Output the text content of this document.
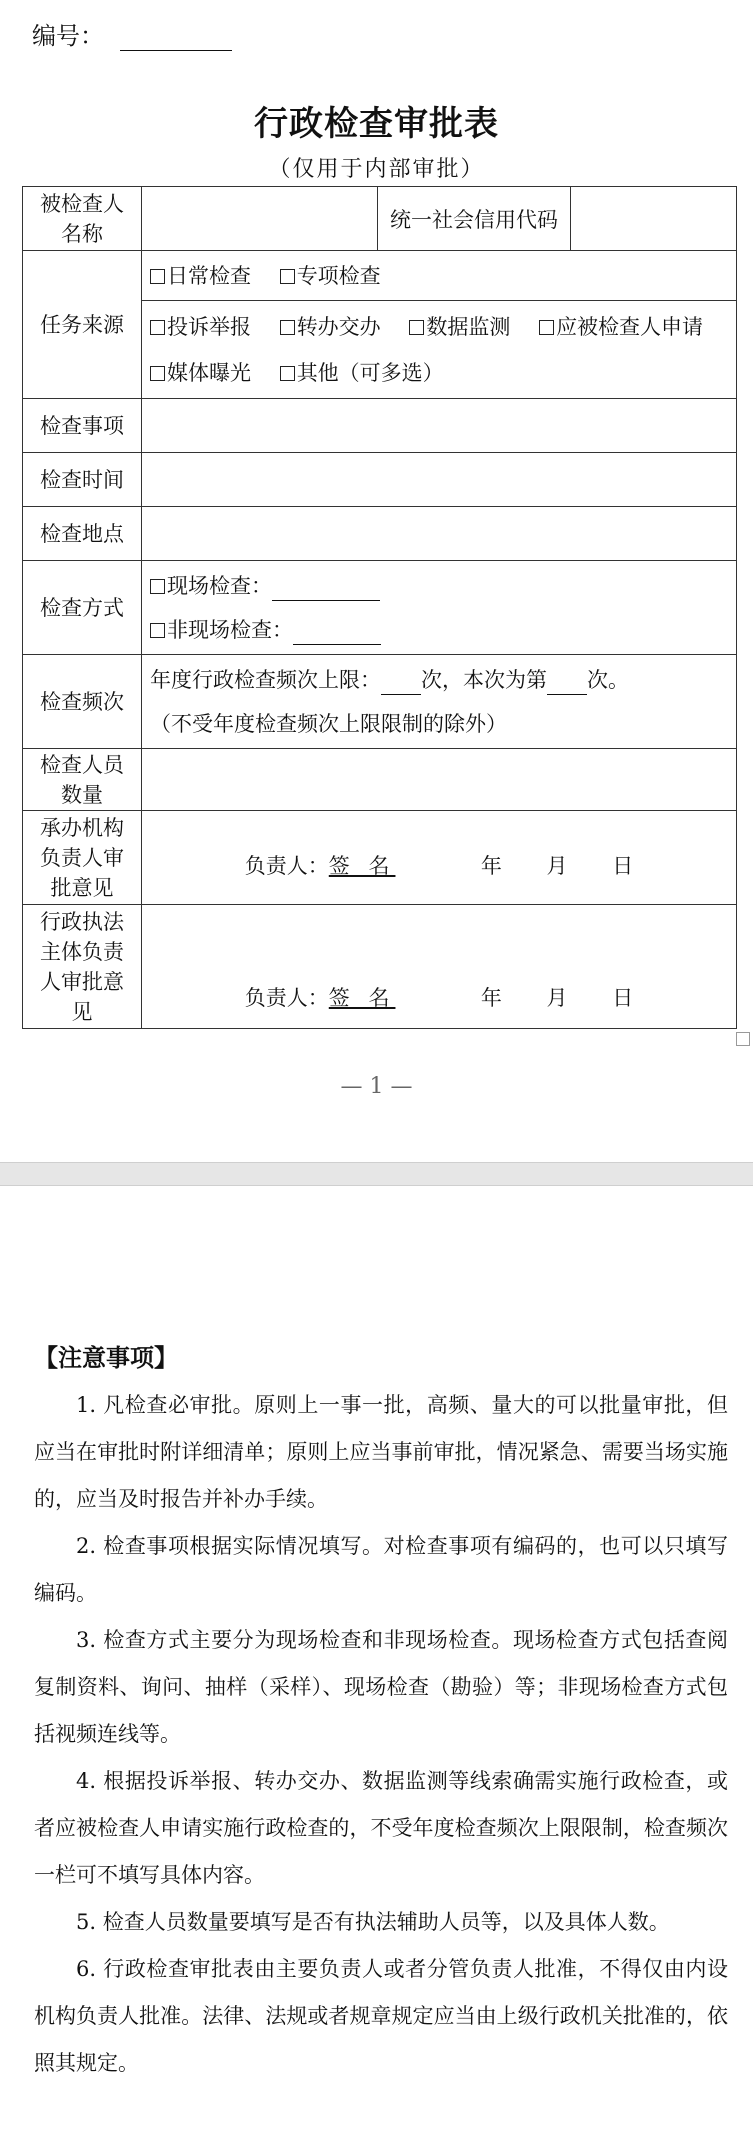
编号：
行政检查审批表
（仅用于内部审批）
被检查人名称		统一社会信用代码	
任务来源	日常检查 专项检查		

	投诉举报 转办交办 数据监测 应被检查人申请
媒体曝光 其他（可多选）		

检查事项			
检查时间			
检查地点			
检查方式	现场检查：
非现场检查：		

检查频次	年度行政检查频次上限： 次，本次为第 次。
（不受年度检查频次上限限制的除外）		

检查人员数量			
承办机构负责人审批意见	负责人：签 名 年 月 日		

行政执法主体负责人审批意见	负责人：签 名 年 月 日		
— 1 —
【注意事项】

1. 凡检查必审批。原则上一事一批，高频、量大的可以批量审批，但应当在审批时附详细清单；原则上应当事前审批，情况紧急、需要当场实施的，应当及时报告并补办手续。

2. 检查事项根据实际情况填写。对检查事项有编码的，也可以只填写编码。

3. 检查方式主要分为现场检查和非现场检查。现场检查方式包括查阅复制资料、询问、抽样（采样）、现场检查（勘验）等；非现场检查方式包括视频连线等。

4. 根据投诉举报、转办交办、数据监测等线索确需实施行政检查，或者应被检查人申请实施行政检查的，不受年度检查频次上限限制，检查频次一栏可不填写具体内容。

5. 检查人员数量要填写是否有执法辅助人员等，以及具体人数。

6. 行政检查审批表由主要负责人或者分管负责人批准，不得仅由内设机构负责人批准。法律、法规或者规章规定应当由上级行政机关批准的，依照其规定。
